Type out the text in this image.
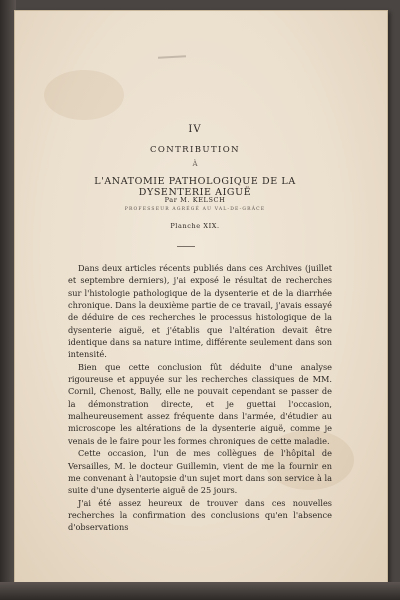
IV
CONTRIBUTION
À
L'ANATOMIE PATHOLOGIQUE DE LA DYSENTERIE AIGUË
Par M. KELSCH
PROFESSEUR AGRÉGÉ AU VAL-DE-GRÂCE
Planche XIX.

Dans deux articles récents publiés dans ces Archives (juillet et septembre derniers), j'ai exposé le résultat de recherches sur l'histologie pathologique de la dysenterie et de la diarrhée chronique. Dans la deuxième partie de ce travail, j'avais essayé de déduire de ces recherches le processus histologique de la dysenterie aiguë, et j'établis que l'altération devait être identique dans sa nature intime, différente seulement dans son intensité.

Bien que cette conclusion fût déduite d'une analyse rigoureuse et appuyée sur les recherches classiques de MM. Cornil, Chenost, Bally, elle ne pouvait cependant se passer de la démonstration directe, et je guettai l'occasion, malheureusement assez fréquente dans l'armée, d'étudier au microscope les altérations de la dysenterie aiguë, comme je venais de le faire pour les formes chroniques de cette maladie.

Cette occasion, l'un de mes collègues de l'hôpital de Versailles, M. le docteur Guillemin, vient de me la fournir en me convenant à l'autopsie d'un sujet mort dans son service à la suite d'une dysenterie aiguë de 25 jours.

J'ai été assez heureux de trouver dans ces nouvelles recherches la confirmation des conclusions qu'en l'absence d'observations
